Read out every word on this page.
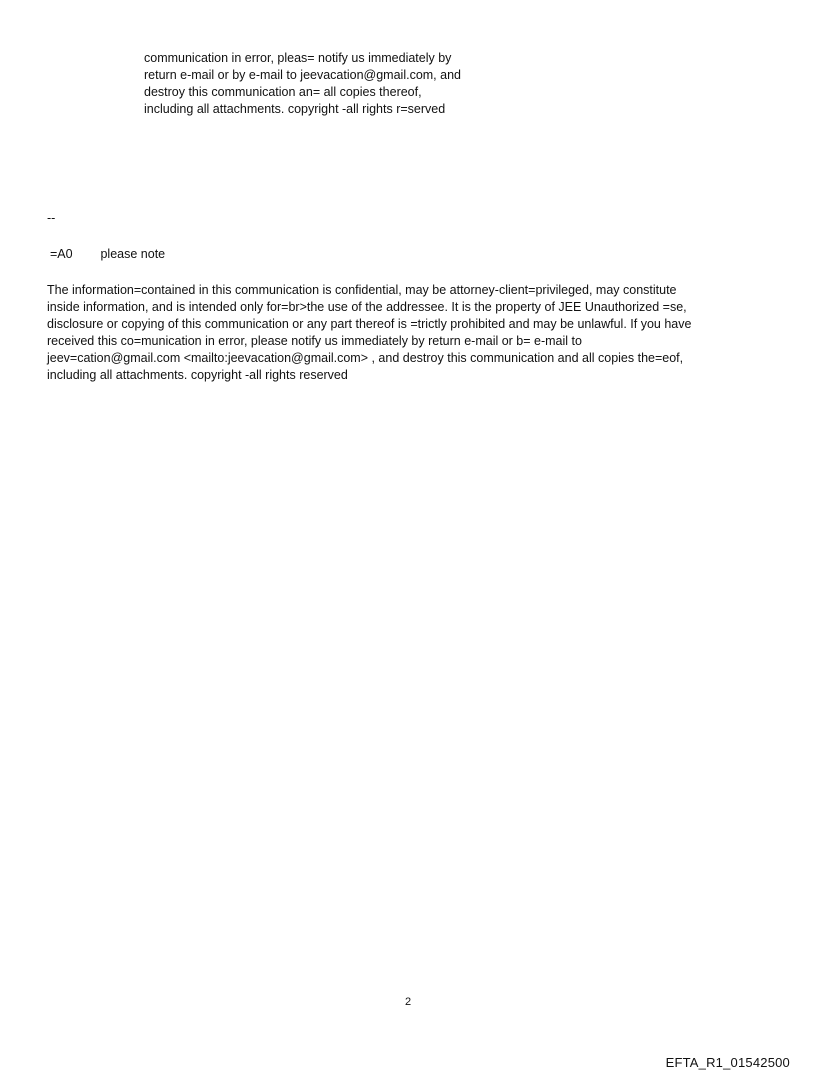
communication in error, pleas= notify us immediately by
return e-mail or by e-mail to jeevacation@gmail.com, and
destroy this communication an= all copies thereof,
including all attachments. copyright -all rights r=served
--
=A0 please note
The information=contained in this communication is confidential, may be attorney-client=privileged, may constitute
inside information, and is intended only for=br>the use of the addressee. It is the property of JEE Unauthorized =se,
disclosure or copying of this communication or any part thereof is =trictly prohibited and may be unlawful. If you have
received this co=munication in error, please notify us immediately by return e-mail or b= e-mail to
jeev=cation@gmail.com <mailto:jeevacation@gmail.com> , and destroy this communication and all copies the=eof,
including all attachments. copyright -all rights reserved
2
EFTA_R1_01542500
